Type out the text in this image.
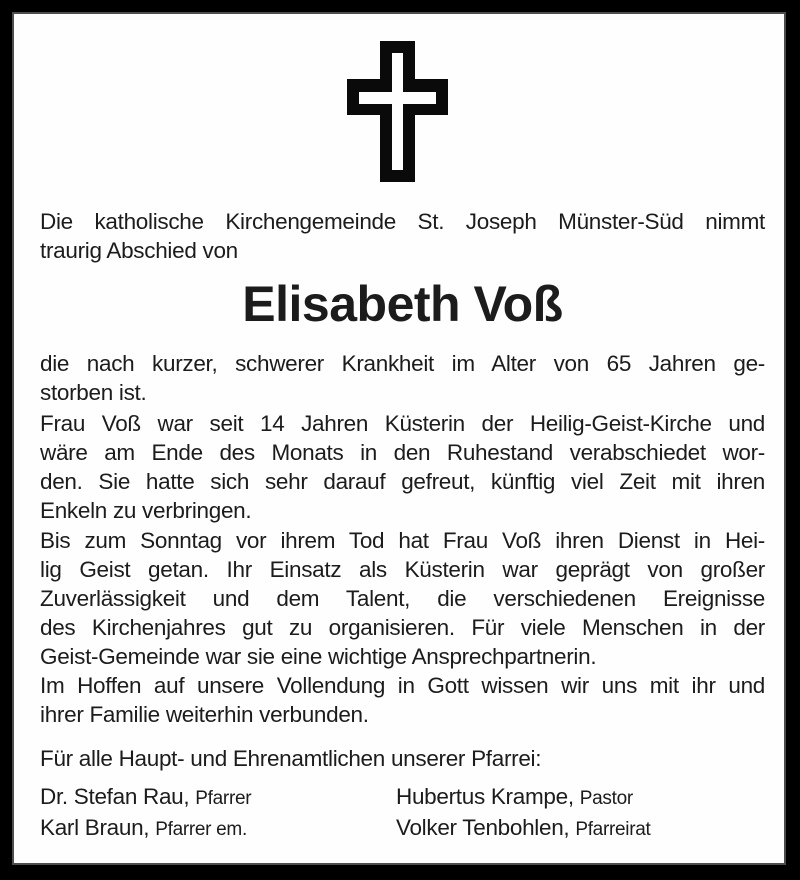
Die katholische Kirchengemeinde St. Joseph Münster-Süd nimmt
traurig Abschied von
Elisabeth Voß
die nach kurzer, schwerer Krankheit im Alter von 65 Jahren ge-
storben ist.
Frau Voß war seit 14 Jahren Küsterin der Heilig-Geist-Kirche und
wäre am Ende des Monats in den Ruhestand verabschiedet wor-
den. Sie hatte sich sehr darauf gefreut, künftig viel Zeit mit ihren
Enkeln zu verbringen.
Bis zum Sonntag vor ihrem Tod hat Frau Voß ihren Dienst in Hei-
lig Geist getan. Ihr Einsatz als Küsterin war geprägt von großer
Zuverlässigkeit und dem Talent, die verschiedenen Ereignisse
des Kirchenjahres gut zu organisieren. Für viele Menschen in der
Geist-Gemeinde war sie eine wichtige Ansprechpartnerin.
Im Hoffen auf unsere Vollendung in Gott wissen wir uns mit ihr und
ihrer Familie weiterhin verbunden.
Für alle Haupt- und Ehrenamtlichen unserer Pfarrei:
Dr. Stefan Rau, Pfarrer
Karl Braun, Pfarrer em.
Hubertus Krampe, Pastor
Volker Tenbohlen, Pfarreirat
